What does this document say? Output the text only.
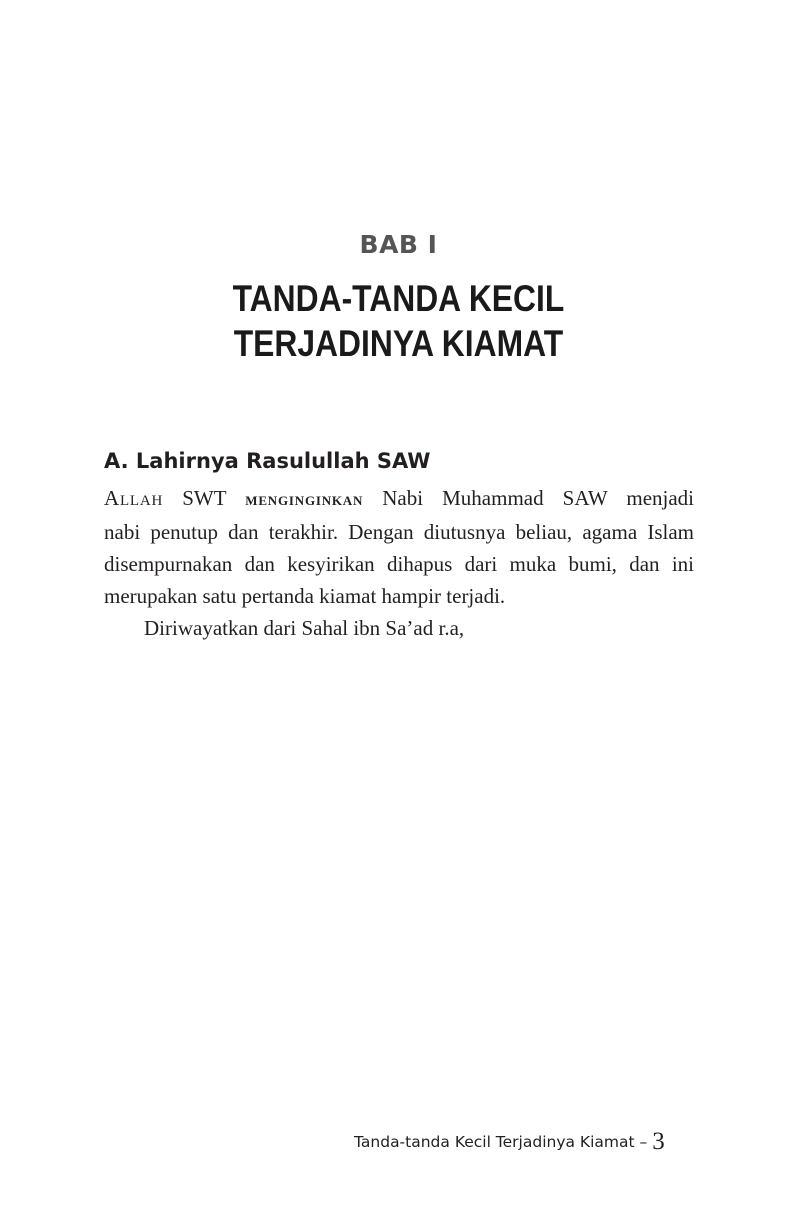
BAB I
TANDA-TANDA KECIL
TERJADINYA KIAMAT
A. Lahirnya Rasulullah SAW

Allah SWT menginginkan Nabi Muhammad SAW menjadi
nabi penutup dan terakhir. Dengan diutusnya beliau, agama Islam
disempurnakan dan kesyirikan dihapus dari muka bumi, dan ini
merupakan satu pertanda kiamat hampir terjadi.

Diriwayatkan dari Sahal ibn Sa’ad r.a,

Tanda-tanda Kecil Terjadinya Kiamat – 3
